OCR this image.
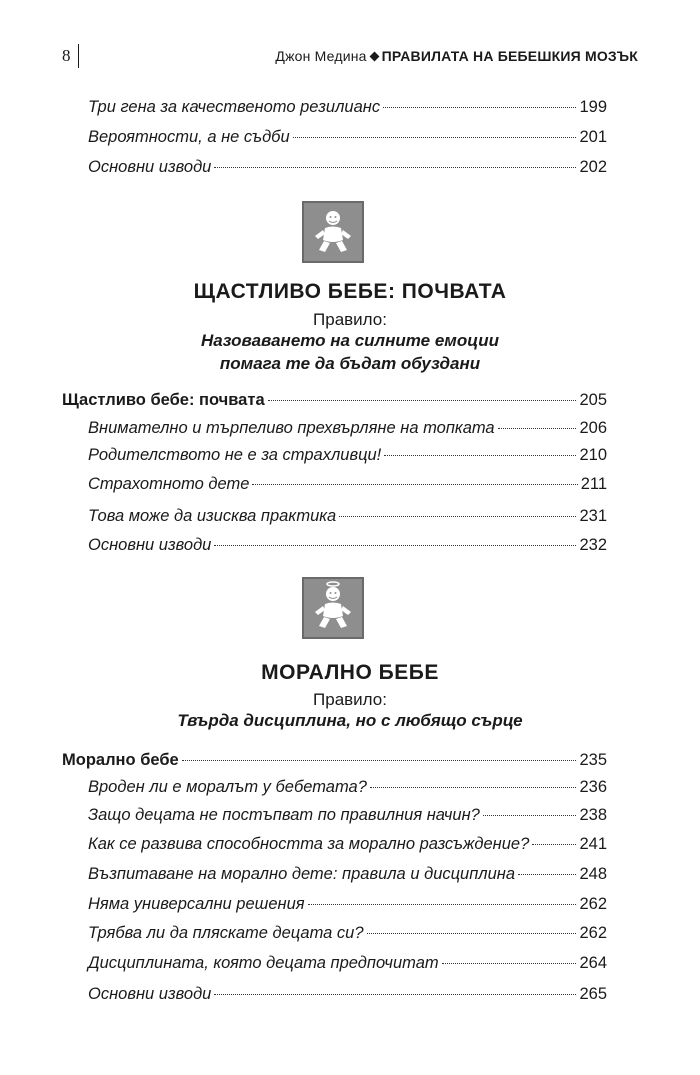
8	Джон Медина ПРАВИЛАТА НА БЕБЕШКИЯ МОЗЪК
Три гена за качественото резилианс	199
Вероятности, а не съдби	201
Основни изводи	202
ЩАСТЛИВО БЕБЕ: ПОЧВАТА
Правило:
Назоваването на силните емоции
помага те да бъдат обуздани
Щастливо бебе: почвата	205
Внимателно и търпеливо прехвърляне на топката	206
Родителството не е за страхливци!	210
Страхотното дете	211
Това може да изисква практика	231
Основни изводи	232
МОРАЛНО БЕБЕ
Правило:
Твърда дисциплина, но с любящо сърце
Морално бебе	235
Вроден ли е моралът у бебетата?	236
Защо децата не постъпват по правилния начин?	238
Как се развива способността за морално разсъждение?	241
Възпитаване на морално дете: правила и дисциплина	248
Няма универсални решения	262
Трябва ли да пляскате децата си?	262
Дисциплината, която децата предпочитат	264
Основни изводи	265
